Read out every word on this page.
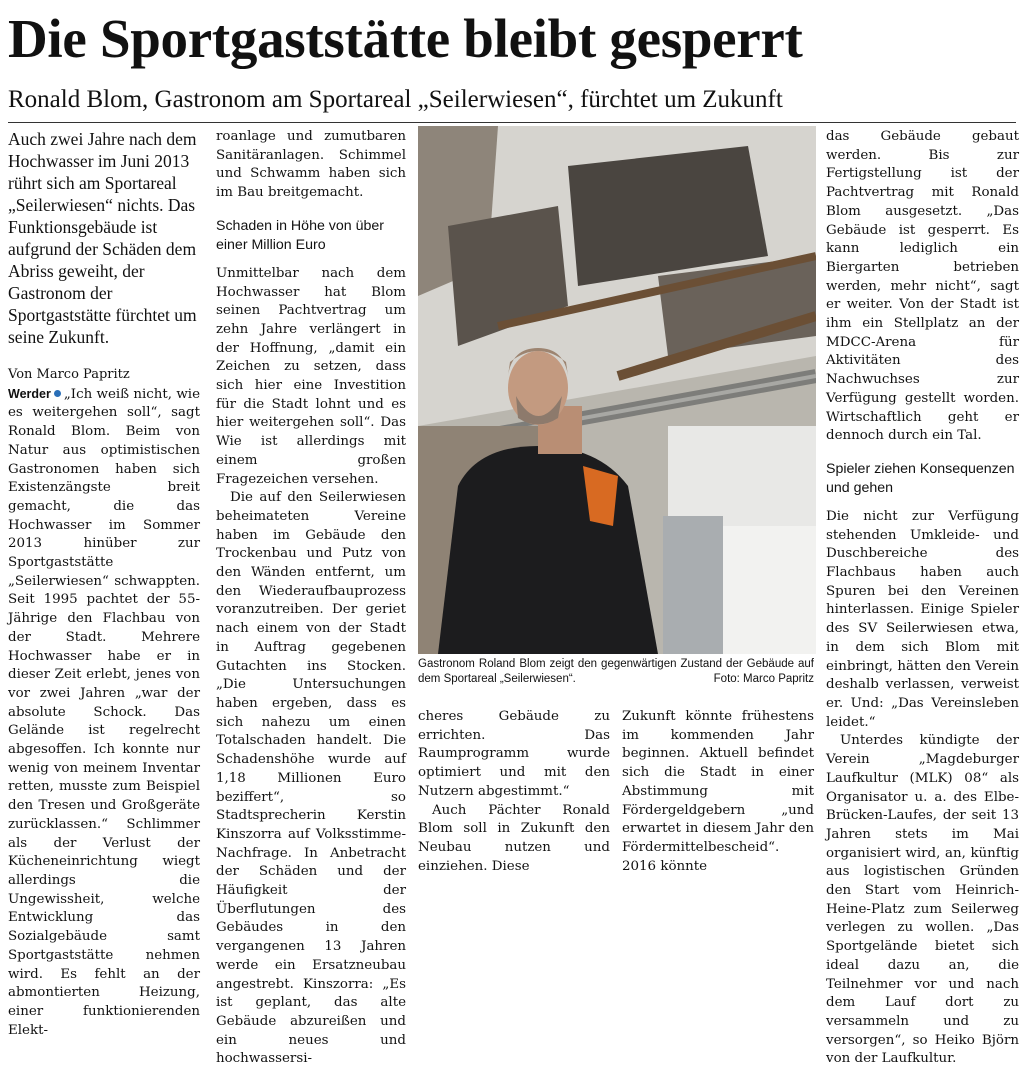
Die Sportgaststätte bleibt gesperrt
Ronald Blom, Gastronom am Sportareal „Seilerwiesen“, fürchtet um Zukunft

Auch zwei Jahre nach dem Hochwasser im Juni 2013 rührt sich am Sportareal „Seilerwiesen“ nichts. Das Funktionsgebäude ist aufgrund der Schäden dem Abriss geweiht, der Gastronom der Sportgaststätte fürchtet um seine Zukunft.

Von Marco Papritz

Werder „Ich weiß nicht, wie es weitergehen soll“, sagt Ronald Blom. Beim von Natur aus optimistischen Gastronomen haben sich Existenzängste breit gemacht, die das Hochwasser im Sommer 2013 hinüber zur Sportgaststätte „Seilerwiesen“ schwappten. Seit 1995 pachtet der 55-Jährige den Flachbau von der Stadt. Mehrere Hochwasser habe er in dieser Zeit erlebt, jenes von vor zwei Jahren „war der absolute Schock. Das Gelände ist regelrecht abgesoffen. Ich konnte nur wenig von meinem Inventar retten, musste zum Beispiel den Tresen und Großgeräte zurücklassen.“ Schlimmer als der Verlust der Kücheneinrichtung wiegt allerdings die Ungewissheit, welche Entwicklung das Sozialgebäude samt Sportgaststätte nehmen wird. Es fehlt an der abmontierten Heizung, einer funktionierenden Elekt-

roanlage und zumutbaren Sanitäranlagen. Schimmel und Schwamm haben sich im Bau breitgemacht.

Schaden in Höhe von über einer Million Euro

Unmittelbar nach dem Hochwasser hat Blom seinen Pachtvertrag um zehn Jahre verlängert in der Hoffnung, „damit ein Zeichen zu setzen, dass sich hier eine Investition für die Stadt lohnt und es hier weitergehen soll“. Das Wie ist allerdings mit einem großen Fragezeichen versehen.

Die auf den Seilerwiesen beheimateten Vereine haben im Gebäude den Trockenbau und Putz von den Wänden entfernt, um den Wiederaufbauprozess voranzutreiben. Der geriet nach einem von der Stadt in Auftrag gegebenen Gutachten ins Stocken. „Die Untersuchungen haben ergeben, dass es sich nahezu um einen Totalschaden handelt. Die Schadenshöhe wurde auf 1,18 Millionen Euro beziffert“, so Stadtsprecherin Kerstin Kinszorra auf Volksstimme-Nachfrage. In Anbetracht der Schäden und der Häufigkeit der Überflutungen des Gebäudes in den vergangenen 13 Jahren werde ein Ersatzneubau angestrebt. Kinszorra: „Es ist geplant, das alte Gebäude abzureißen und ein neues und hochwassersi-

Gastronom Roland Blom zeigt den gegenwärtigen Zustand der Gebäude auf dem Sportareal „Seilerwiesen“.	Foto: Marco Papritz

cheres Gebäude zu errichten. Das Raumprogramm wurde optimiert und mit den Nutzern abgestimmt.“

Auch Pächter Ronald Blom soll in Zukunft den Neubau nutzen und einziehen. Diese

Zukunft könnte frühestens im kommenden Jahr beginnen. Aktuell befindet sich die Stadt in einer Abstimmung mit Fördergeldgebern „und erwartet in diesem Jahr den Fördermittelbescheid“. 2016 könnte

das Gebäude gebaut werden. Bis zur Fertigstellung ist der Pachtvertrag mit Ronald Blom ausgesetzt. „Das Gebäude ist gesperrt. Es kann lediglich ein Biergarten betrieben werden, mehr nicht“, sagt er weiter. Von der Stadt ist ihm ein Stellplatz an der MDCC-Arena für Aktivitäten des Nachwuchses zur Verfügung gestellt worden. Wirtschaftlich geht er dennoch durch ein Tal.

Spieler ziehen Konsequenzen und gehen

Die nicht zur Verfügung stehenden Umkleide- und Duschbereiche des Flachbaus haben auch Spuren bei den Vereinen hinterlassen. Einige Spieler des SV Seilerwiesen etwa, in dem sich Blom mit einbringt, hätten den Verein deshalb verlassen, verweist er. Und: „Das Vereinsleben leidet.“

Unterdes kündigte der Verein „Magdeburger Laufkultur (MLK) 08“ als Organisator u. a. des Elbe-Brücken-Laufes, der seit 13 Jahren stets im Mai organisiert wird, an, künftig aus logistischen Gründen den Start vom Heinrich-Heine-Platz zum Seilerweg verlegen zu wollen. „Das Sportgelände bietet sich ideal dazu an, die Teilnehmer vor und nach dem Lauf dort zu versammeln und zu versorgen“, so Heiko Björn von der Laufkultur.
